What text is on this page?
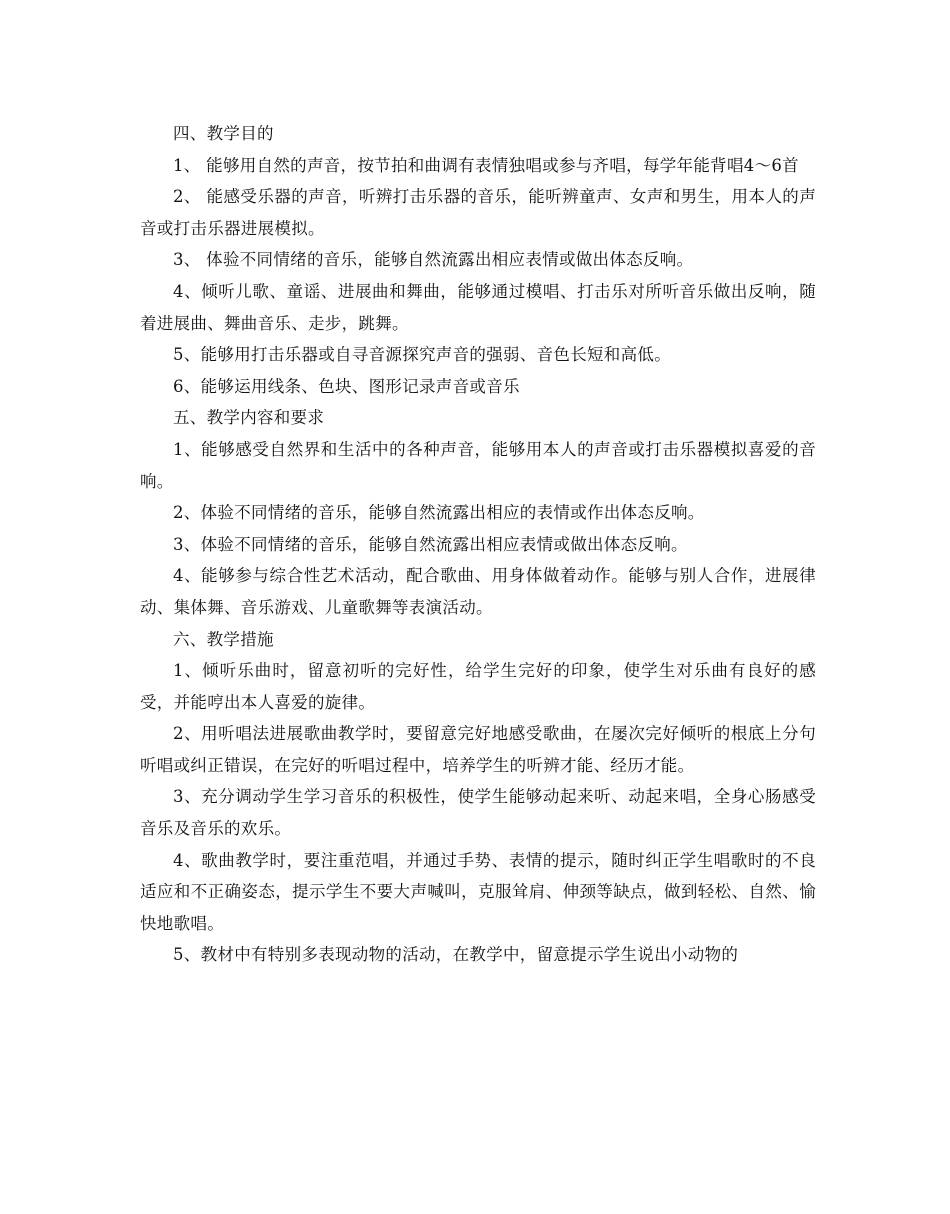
四、教学目的

1、 能够用自然的声音，按节拍和曲调有表情独唱或参与齐唱，每学年能背唱4～6首

2、 能感受乐器的声音，听辨打击乐器的音乐，能听辨童声、女声和男生，用本人的声音或打击乐器进展模拟。

3、 体验不同情绪的音乐，能够自然流露出相应表情或做出体态反响。

4、倾听儿歌、童谣、进展曲和舞曲，能够通过模唱、打击乐对所听音乐做出反响，随着进展曲、舞曲音乐、走步，跳舞。

5、能够用打击乐器或自寻音源探究声音的强弱、音色长短和高低。

6、能够运用线条、色块、图形记录声音或音乐

五、教学内容和要求

1、能够感受自然界和生活中的各种声音，能够用本人的声音或打击乐器模拟喜爱的音响。

2、体验不同情绪的音乐，能够自然流露出相应的表情或作出体态反响。

3、体验不同情绪的音乐，能够自然流露出相应表情或做出体态反响。

4、能够参与综合性艺术活动，配合歌曲、用身体做着动作。能够与别人合作，进展律动、集体舞、音乐游戏、儿童歌舞等表演活动。

六、教学措施

1、倾听乐曲时，留意初听的完好性，给学生完好的印象，使学生对乐曲有良好的感受，并能哼出本人喜爱的旋律。

2、用听唱法进展歌曲教学时，要留意完好地感受歌曲，在屡次完好倾听的根底上分句听唱或纠正错误，在完好的听唱过程中，培养学生的听辨才能、经历才能。

3、充分调动学生学习音乐的积极性，使学生能够动起来听、动起来唱，全身心肠感受音乐及音乐的欢乐。

4、歌曲教学时，要注重范唱，并通过手势、表情的提示，随时纠正学生唱歌时的不良适应和不正确姿态，提示学生不要大声喊叫，克服耸肩、伸颈等缺点，做到轻松、自然、愉快地歌唱。

5、教材中有特别多表现动物的活动，在教学中，留意提示学生说出小动物的
